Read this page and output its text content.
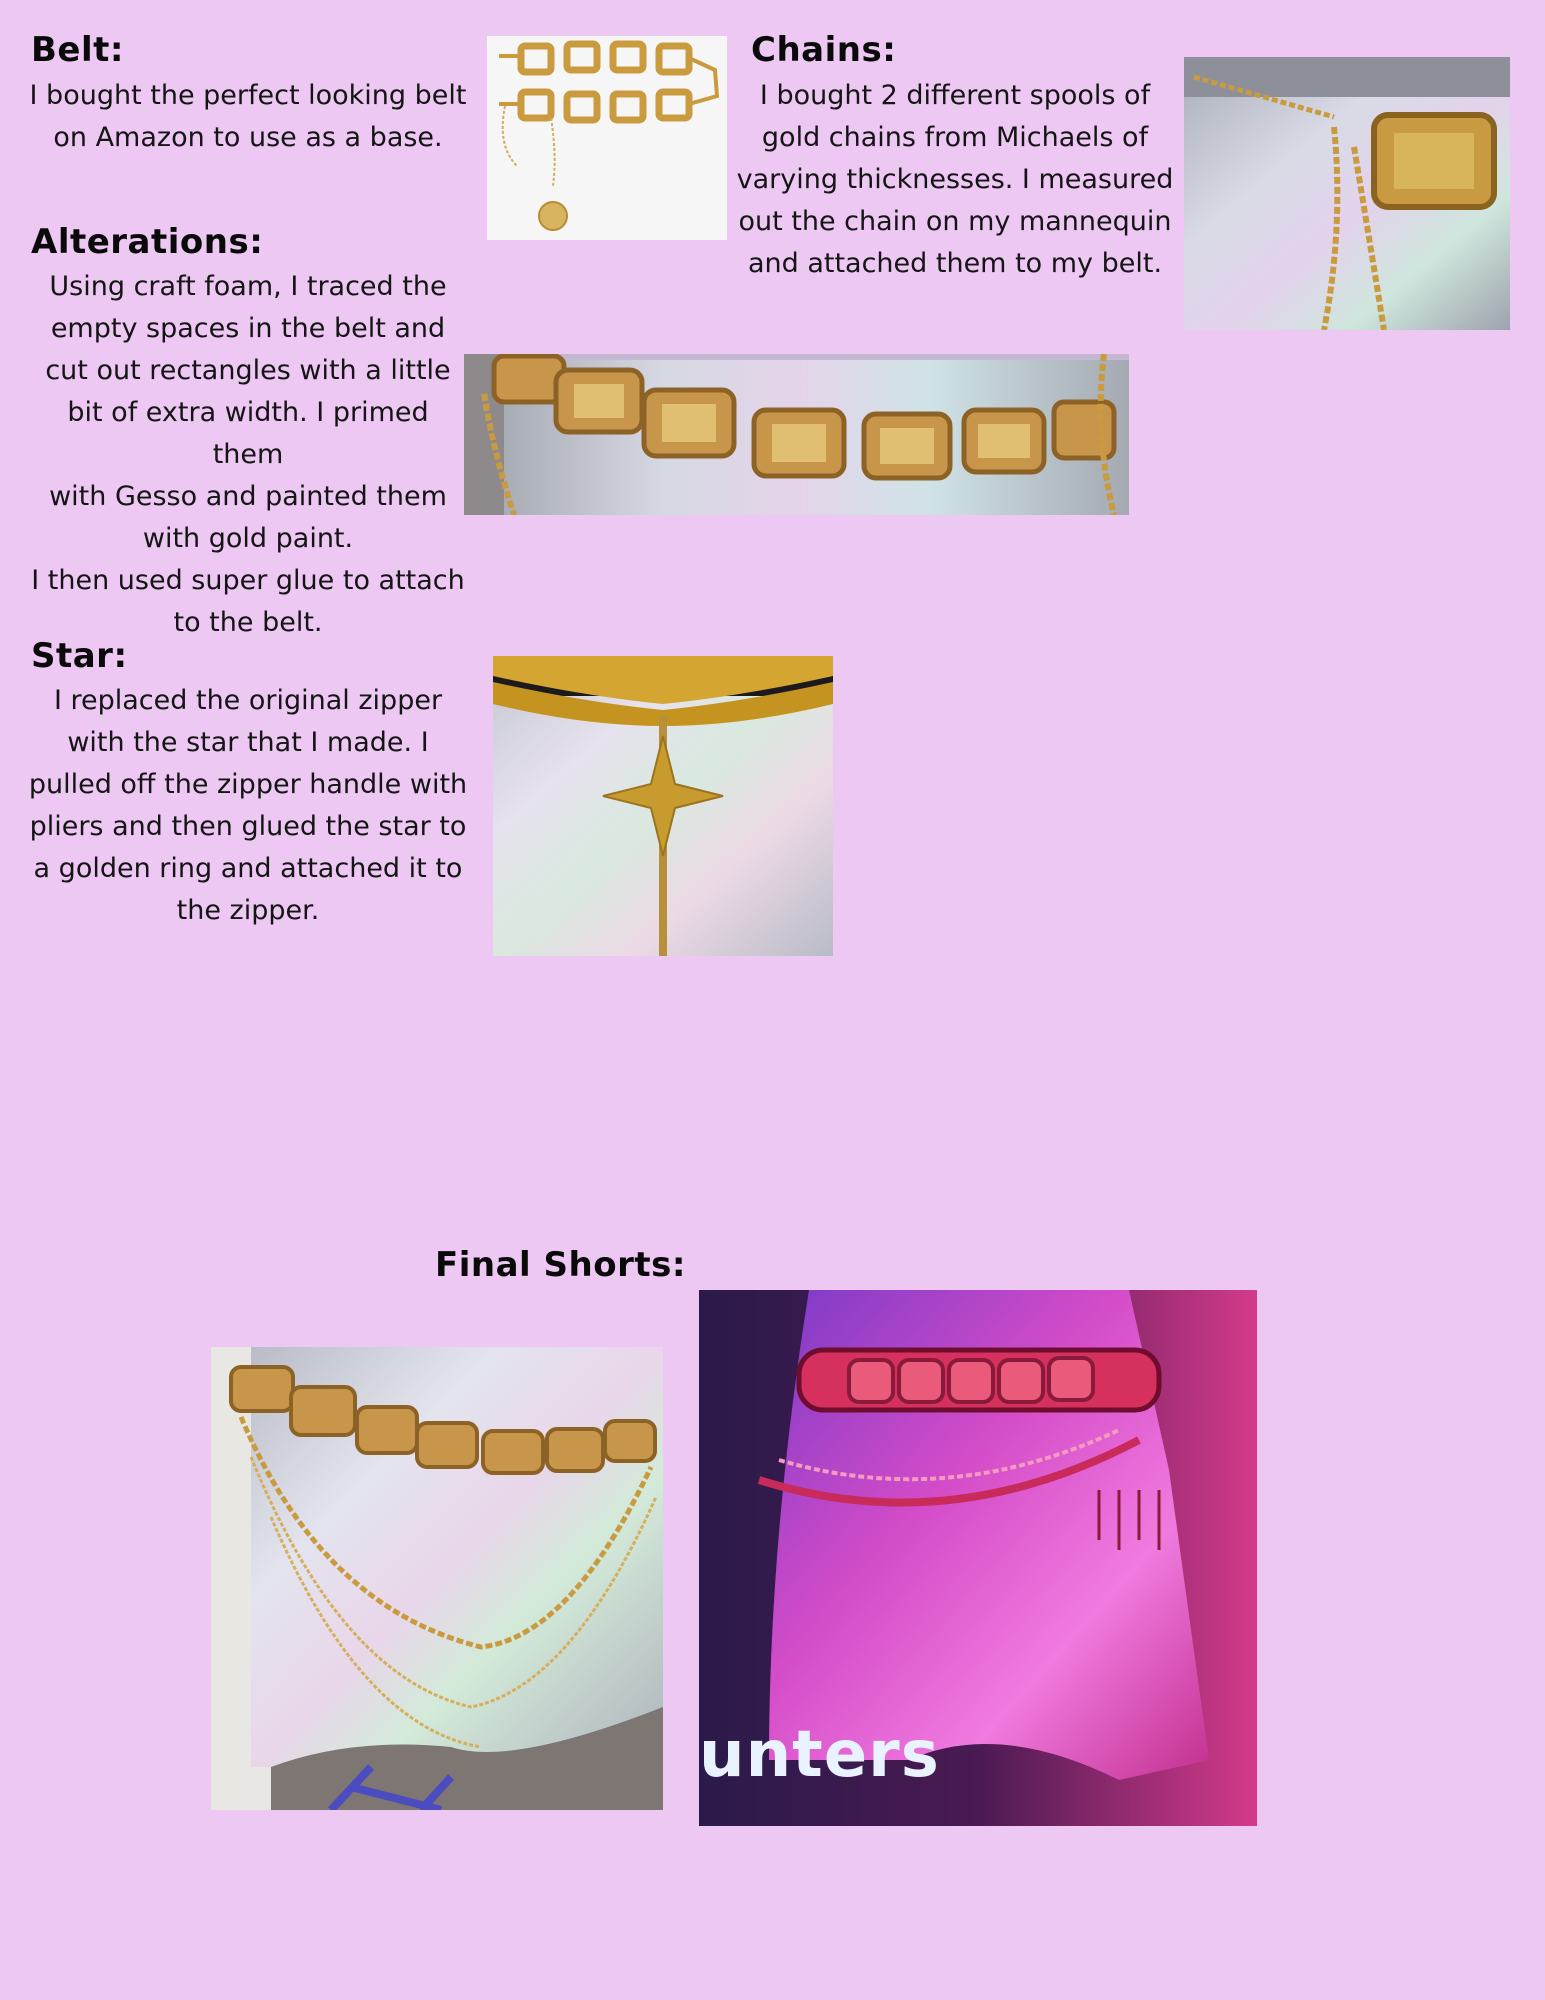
Belt:
I bought the perfect looking belt
on Amazon to use as a base.
Chains:
I bought 2 different spools of
gold chains from Michaels of
varying thicknesses. I measured
out the chain on my mannequin
and attached them to my belt.
Alterations:
Using craft foam, I traced the
empty spaces in the belt and
cut out rectangles with a little
bit of extra width. I primed them
with Gesso and painted them
with gold paint.
I then used super glue to attach
to the belt.
Star:
I replaced the original zipper
with the star that I made. I
pulled off the zipper handle with
pliers and then glued the star to
a golden ring and attached it to
the zipper.
Final Shorts:
unters
